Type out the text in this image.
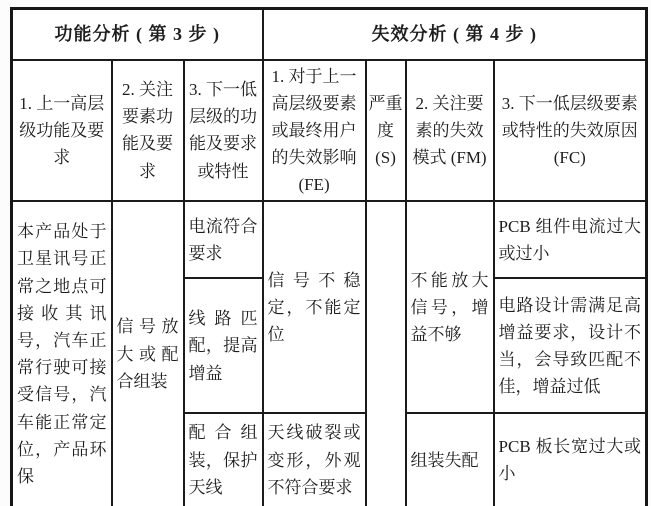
功能分析 ( 第 3 步 )			失效分析 ( 第 4 步 )			
1. 上一高层级功能及要求	2. 关注要素功能及要求	3. 下一低层级的功能及要求或特性	1. 对于上一高层级要素或最终用户的失效影响 (FE)	严重度 (S)	2. 关注要素的失效模式 (FM)	3. 下一低层级要素或特性的失效原因 (FC)
本产品处于卫星讯号正常之地点可接收其讯号，汽车正常行驶可接受信号，汽车能正常定位，产品环保	信号放大或配合组装	电流符合要求	信号不稳定，不能定位		不能放大信号，增益不够	PCB 组件电流过大或过小
		线路匹配，提高增益				电路设计需满足高增益要求，设计不当，会导致匹配不佳，增益过低
		配合组装，保护天线	天线破裂或变形，外观不符合要求		组装失配	PCB 板长宽过大或小
